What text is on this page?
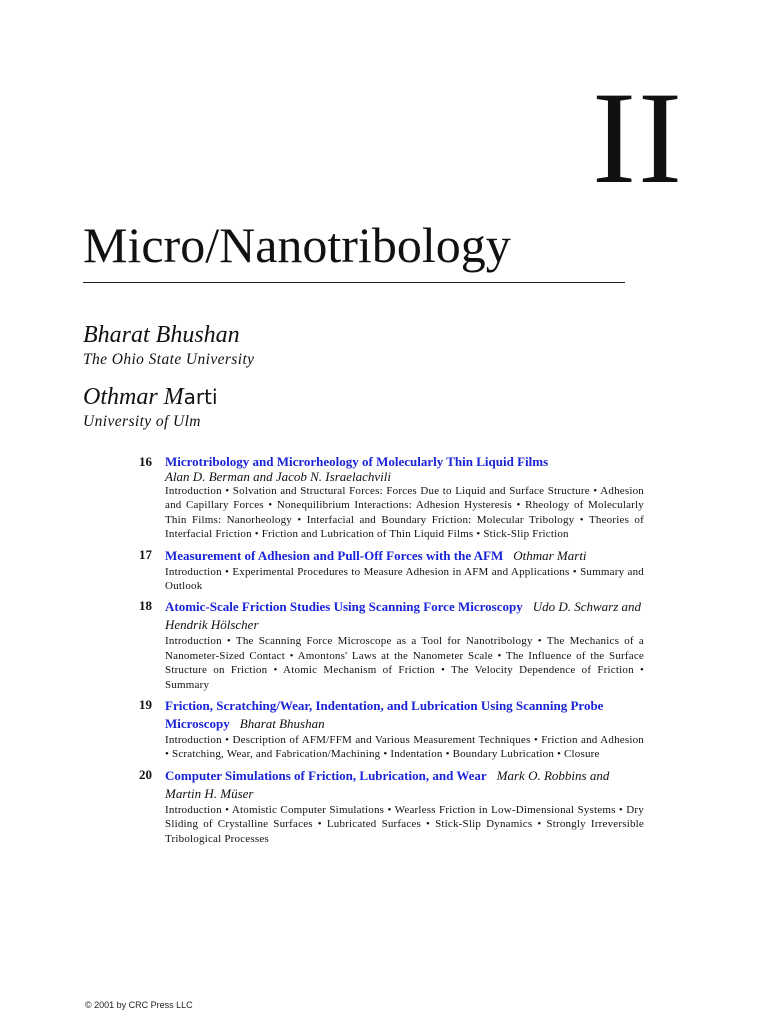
II
Micro/Nanotribology
Bharat Bhushan
The Ohio State University
Othmar Marti
University of Ulm
16 Microtribology and Microrheology of Molecularly Thin Liquid Films
Alan D. Berman and Jacob N. Israelachvili
Introduction • Solvation and Structural Forces: Forces Due to Liquid and Surface Structure • Adhesion and Capillary Forces • Nonequilibrium Interactions: Adhesion Hysteresis • Rheology of Molecularly Thin Films: Nanorheology • Interfacial and Boundary Friction: Molecular Tribology • Theories of Interfacial Friction • Friction and Lubrication of Thin Liquid Films • Stick-Slip Friction
17 Measurement of Adhesion and Pull-Off Forces with the AFM Othmar Marti
Introduction • Experimental Procedures to Measure Adhesion in AFM and Applications • Summary and Outlook
18 Atomic-Scale Friction Studies Using Scanning Force Microscopy Udo D. Schwarz and Hendrik Hölscher
Introduction • The Scanning Force Microscope as a Tool for Nanotribology • The Mechanics of a Nanometer-Sized Contact • Amontons' Laws at the Nanometer Scale • The Influence of the Surface Structure on Friction • Atomic Mechanism of Friction • The Velocity Dependence of Friction • Summary
19 Friction, Scratching/Wear, Indentation, and Lubrication Using Scanning Probe Microscopy Bharat Bhushan
Introduction • Description of AFM/FFM and Various Measurement Techniques • Friction and Adhesion • Scratching, Wear, and Fabrication/Machining • Indentation • Boundary Lubrication • Closure
20 Computer Simulations of Friction, Lubrication, and Wear Mark O. Robbins and Martin H. Müser
Introduction • Atomistic Computer Simulations • Wearless Friction in Low-Dimensional Systems • Dry Sliding of Crystalline Surfaces • Lubricated Surfaces • Stick-Slip Dynamics • Strongly Irreversible Tribological Processes
© 2001 by CRC Press LLC
